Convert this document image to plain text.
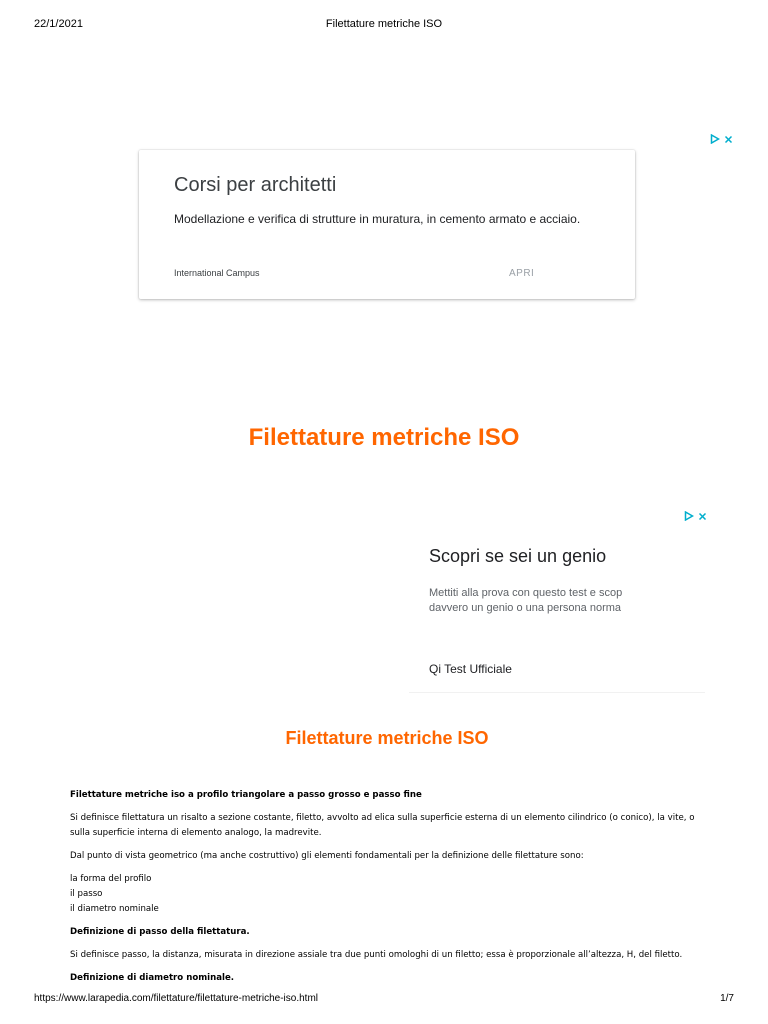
22/1/2021	Filettature metriche ISO
Corsi per architetti
Modellazione e verifica di strutture in muratura, in cemento armato e acciaio.
International Campus	APRI
Filettature metriche ISO
Scopri se sei un genio
Mettiti alla prova con questo test e scop
davvero un genio o una persona norma
Qi Test Ufficiale
Filettature metriche ISO

Filettature metriche iso a profilo triangolare a passo grosso e passo fine

Si definisce filettatura un risalto a sezione costante, filetto, avvolto ad elica sulla superficie esterna di un elemento cilindrico (o conico), la vite, o sulla superficie interna di elemento analogo, la madrevite.

Dal punto di vista geometrico (ma anche costruttivo) gli elementi fondamentali per la definizione delle filettature sono:

la forma del profilo
il passo
il diametro nominale

Definizione di passo della filettatura.

Si definisce passo, la distanza, misurata in direzione assiale tra due punti omologhi di un filetto; essa è proporzionale all’altezza, H, del filetto.

Definizione di diametro nominale.

https://www.larapedia.com/filettature/filettature-metriche-iso.html	1/7
